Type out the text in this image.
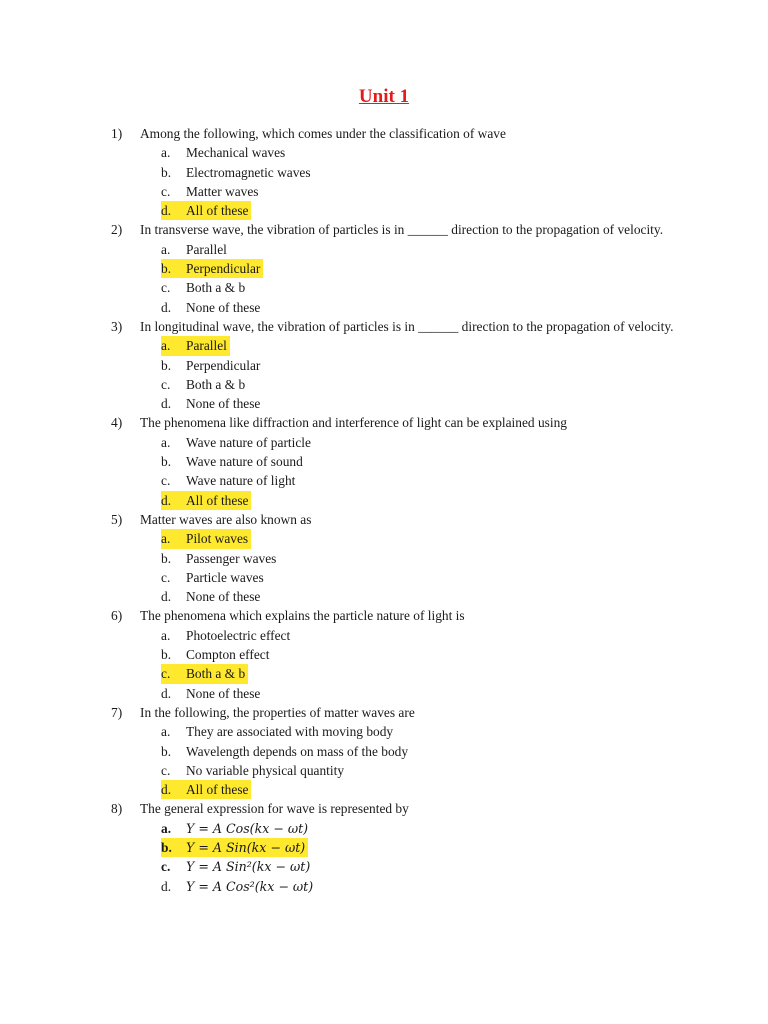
Unit 1
1)	Among the following, which comes under the classification of wave
a.	Mechanical waves
b.	Electromagnetic waves
c.	Matter waves
d.	All of these
2)	In transverse wave, the vibration of particles is in ______ direction to the propagation of velocity.
a.	Parallel
b.	Perpendicular
c.	Both a & b
d.	None of these
3)	In longitudinal wave, the vibration of particles is in ______ direction to the propagation of velocity.
a.	Parallel
b.	Perpendicular
c.	Both a & b
d.	None of these
4)	The phenomena like diffraction and interference of light can be explained using
a.	Wave nature of particle
b.	Wave nature of sound
c.	Wave nature of light
d.	All of these
5)	Matter waves are also known as
a.	Pilot waves
b.	Passenger waves
c.	Particle waves
d.	None of these
6)	The phenomena which explains the particle nature of light is
a.	Photoelectric effect
b.	Compton effect
c.	Both a & b
d.	None of these
7)	In the following, the properties of matter waves are
a.	They are associated with moving body
b.	Wavelength depends on mass of the body
c.	No variable physical quantity
d.	All of these
8)	The general expression for wave is represented by
a.	Y = A Cos(kx − ωt)
b.	Y = A Sin(kx − ωt)
c.	Y = A Sin²(kx − ωt)
d.	Y = A Cos²(kx − ωt)
